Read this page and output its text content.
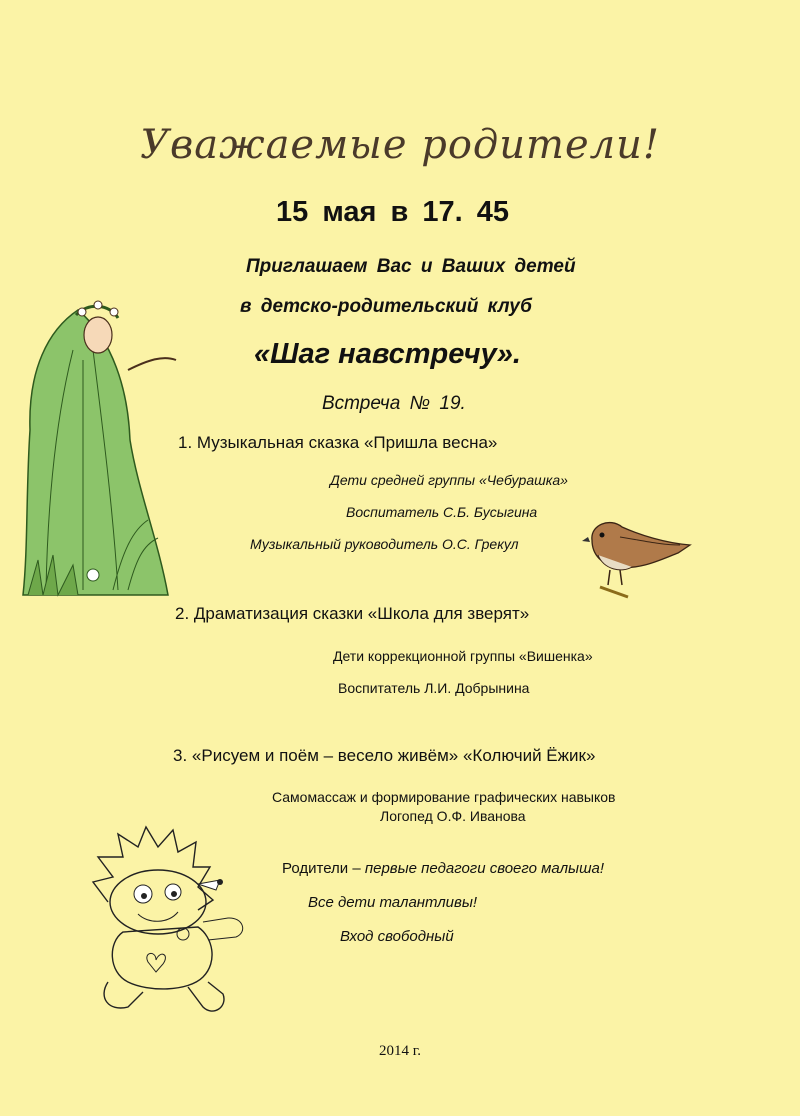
Уважаемые родители!
15 мая в 17. 45
Приглашаем Вас и Ваших детей
в детско-родительский клуб
«Шаг навстречу».
Встреча № 19.
1. Музыкальная сказка «Пришла весна»
Дети средней группы «Чебурашка»
Воспитатель С.Б. Бусыгина
Музыкальный руководитель О.С. Грекул
2. Драматизация сказки «Школа для зверят»
Дети коррекционной группы «Вишенка»
Воспитатель Л.И. Добрынина
3. «Рисуем и поём – весело живём» «Колючий Ёжик»
Самомассаж и формирование графических навыков
Логопед О.Ф. Иванова
Родители – первые педагоги своего малыша!
Все дети талантливы!
Вход свободный
2014 г.
